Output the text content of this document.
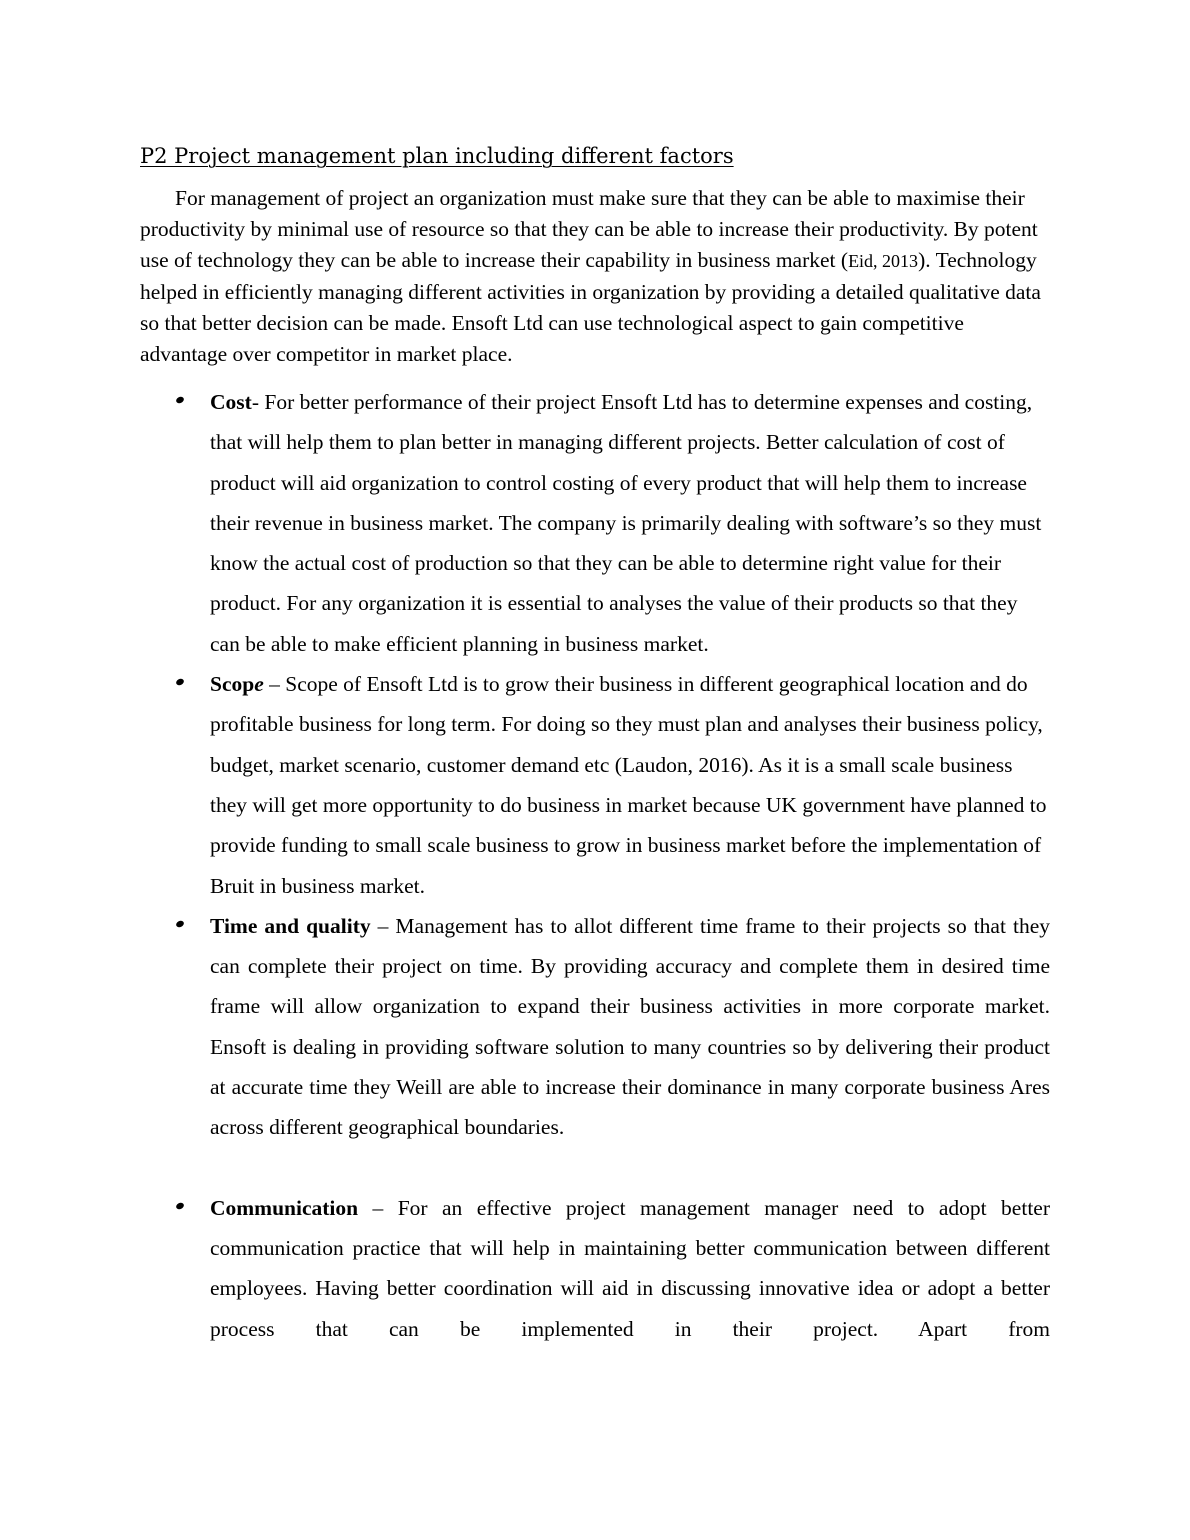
P2 Project management plan including different factors

For management of project an organization must make sure that they can be able to maximise their productivity by minimal use of resource so that they can be able to increase their productivity. By potent use of technology they can be able to increase their capability in business market (Eid, 2013). Technology helped in efficiently managing different activities in organization by providing a detailed qualitative data so that better decision can be made. Ensoft Ltd can use technological aspect to gain competitive advantage over competitor in market place.

Cost- For better performance of their project Ensoft Ltd has to determine expenses and costing, that will help them to plan better in managing different projects. Better calculation of cost of product will aid organization to control costing of every product that will help them to increase their revenue in business market. The company is primarily dealing with software’s so they must know the actual cost of production so that they can be able to determine right value for their product. For any organization it is essential to analyses the value of their products so that they can be able to make efficient planning in business market.
Scope – Scope of Ensoft Ltd is to grow their business in different geographical location and do profitable business for long term. For doing so they must plan and analyses their business policy, budget, market scenario, customer demand etc (Laudon, 2016). As it is a small scale business they will get more opportunity to do business in market because UK government have planned to provide funding to small scale business to grow in business market before the implementation of Bruit in business market.
Time and quality – Management has to allot different time frame to their projects so that they can complete their project on time. By providing accuracy and complete them in desired time frame will allow organization to expand their business activities in more corporate market. Ensoft is dealing in providing software solution to many countries so by delivering their product at accurate time they Weill are able to increase their dominance in many corporate business Ares across different geographical boundaries.
Communication – For an effective project management manager need to adopt better communication practice that will help in maintaining better communication between different employees. Having better coordination will aid in discussing innovative idea or adopt a better process that can be implemented in their project. Apart from
